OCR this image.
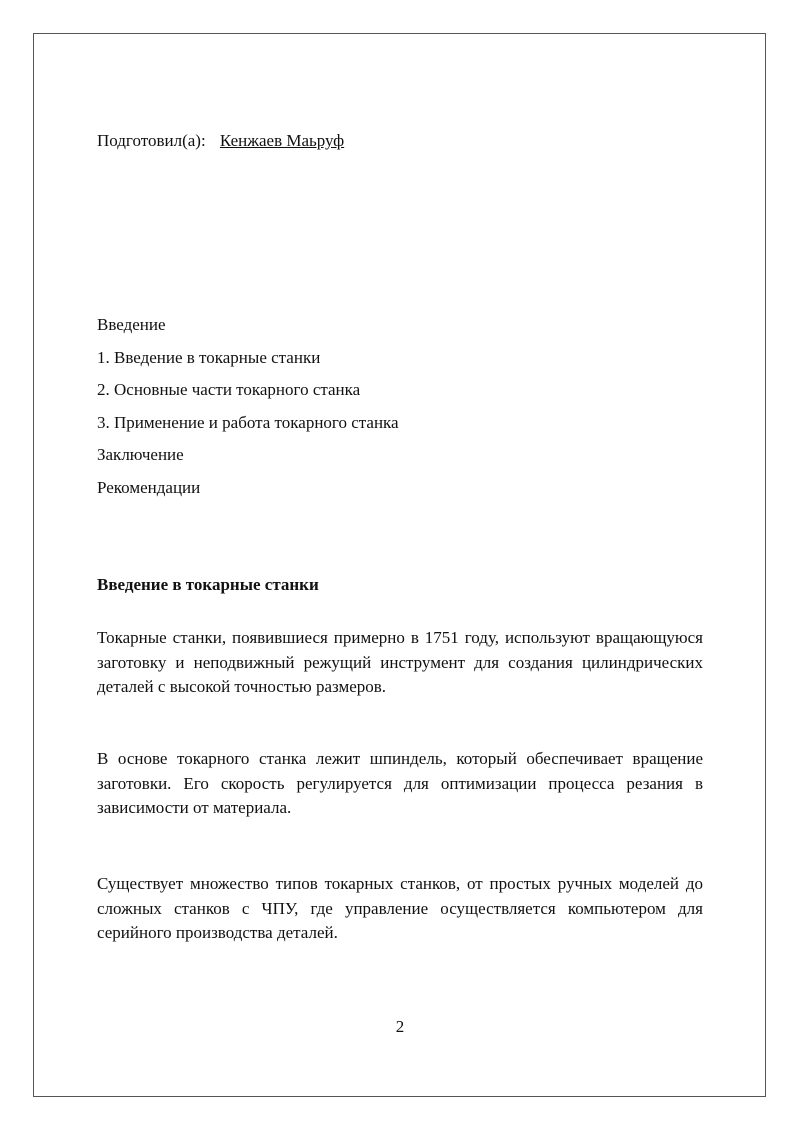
Подготовил(а): Кенжаев Маьруф
Введение
1. Введение в токарные станки
2. Основные части токарного станка
3. Применение и работа токарного станка
Заключение
Рекомендации
Введение в токарные станки

Токарные станки, появившиеся примерно в 1751 году, используют вращающуюся заготовку и неподвижный режущий инструмент для создания цилиндрических деталей с высокой точностью размеров.

В основе токарного станка лежит шпиндель, который обеспечивает вращение заготовки. Его скорость регулируется для оптимизации процесса резания в зависимости от материала.

Существует множество типов токарных станков, от простых ручных моделей до сложных станков с ЧПУ, где управление осуществляется компьютером для серийного производства деталей.

2
